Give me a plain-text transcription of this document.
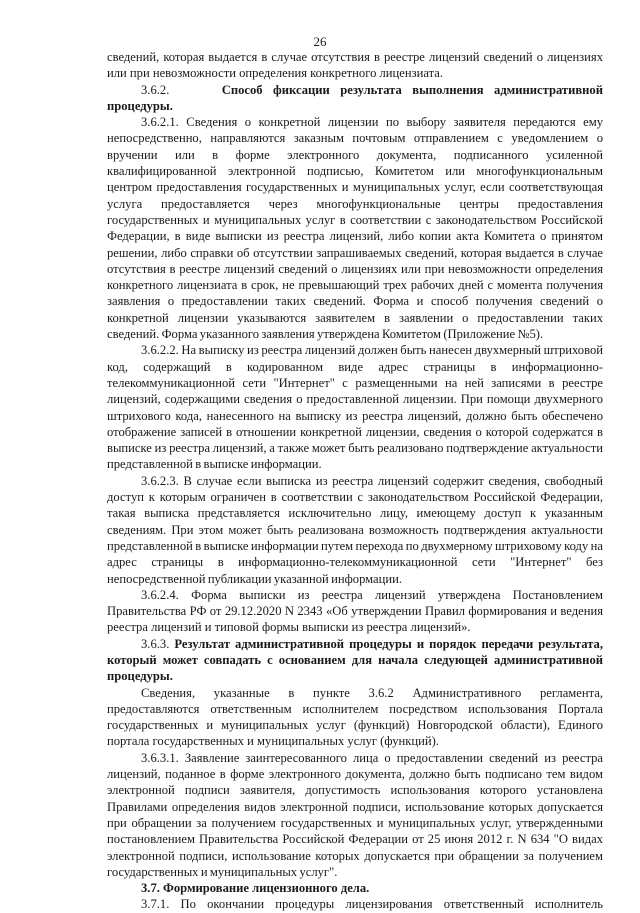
26

сведений, которая выдается в случае отсутствия в реестре лицензий сведений о лицензиях или при невозможности определения конкретного лицензиата.

3.6.2.	Способ фиксации результата выполнения административной процедуры.

3.6.2.1. Сведения о конкретной лицензии по выбору заявителя передаются ему непосредственно, направляются заказным почтовым отправлением с уведомлением о вручении или в форме электронного документа, подписанного усиленной квалифицированной электронной подписью, Комитетом или многофункциональным центром предоставления государственных и муниципальных услуг, если соответствующая услуга предоставляется через многофункциональные центры предоставления государственных и муниципальных услуг в соответствии с законодательством Российской Федерации, в виде выписки из реестра лицензий, либо копии акта Комитета о принятом решении, либо справки об отсутствии запрашиваемых сведений, которая выдается в случае отсутствия в реестре лицензий сведений о лицензиях или при невозможности определения конкретного лицензиата в срок, не превышающий трех рабочих дней с момента получения заявления о предоставлении таких сведений. Форма и способ получения сведений о конкретной лицензии указываются заявителем в заявлении о предоставлении таких сведений. Форма указанного заявления утверждена Комитетом (Приложение №5).

3.6.2.2. На выписку из реестра лицензий должен быть нанесен двухмерный штриховой код, содержащий в кодированном виде адрес страницы в информационно-телекоммуникационной сети "Интернет" с размещенными на ней записями в реестре лицензий, содержащими сведения о предоставленной лицензии. При помощи двухмерного штрихового кода, нанесенного на выписку из реестра лицензий, должно быть обеспечено отображение записей в отношении конкретной лицензии, сведения о которой содержатся в выписке из реестра лицензий, а также может быть реализовано подтверждение актуальности представленной в выписке информации.

3.6.2.3. В случае если выписка из реестра лицензий содержит сведения, свободный доступ к которым ограничен в соответствии с законодательством Российской Федерации, такая выписка представляется исключительно лицу, имеющему доступ к указанным сведениям. При этом может быть реализована возможность подтверждения актуальности представленной в выписке информации путем перехода по двухмерному штриховому коду на адрес страницы в информационно-телекоммуникационной сети "Интернет" без непосредственной публикации указанной информации.

3.6.2.4. Форма выписки из реестра лицензий утверждена Постановлением Правительства РФ от 29.12.2020 N 2343 «Об утверждении Правил формирования и ведения реестра лицензий и типовой формы выписки из реестра лицензий».

3.6.3. Результат административной процедуры и порядок передачи результата, который может совпадать с основанием для начала следующей административной процедуры.

Сведения, указанные в пункте 3.6.2 Административного регламента, предоставляются ответственным исполнителем посредством использования Портала государственных и муниципальных услуг (функций) Новгородской области), Единого портала государственных и муниципальных услуг (функций).

3.6.3.1. Заявление заинтересованного лица о предоставлении сведений из реестра лицензий, поданное в форме электронного документа, должно быть подписано тем видом электронной подписи заявителя, допустимость использования которого установлена Правилами определения видов электронной подписи, использование которых допускается при обращении за получением государственных и муниципальных услуг, утвержденными постановлением Правительства Российской Федерации от 25 июня 2012 г. N 634 "О видах электронной подписи, использование которых допускается при обращении за получением государственных и муниципальных услуг".

3.7. Формирование лицензионного дела.

3.7.1. По окончании процедуры лицензирования ответственный исполнитель
